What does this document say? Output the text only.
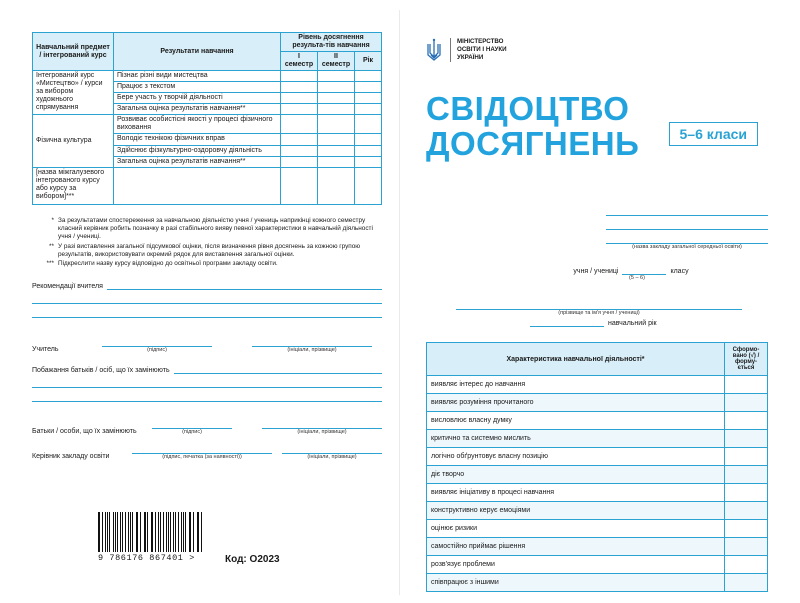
Навчальний предмет / інтегрований курс	Результати навчання	Рівень досягнення результа-тів навчання		
		І семестр	ІІ семестр	Рік
Інтегрований курс «Мистецтво» / курси за вибором художнього спрямування	Пізнає різні види мистецтва			
	Працює з текстом			
	Бере участь у творчій діяльності			
	Загальна оцінка результатів навчання**			
Фізична культура	Розвиває особистісні якості у процесі фізичного виховання			
	Володіє технікою фізичних вправ			
	Здійснює фізкультурно-оздоровчу діяльність			
	Загальна оцінка результатів навчання**			
[назва міжгалузевого інтегрованого курсу або курсу за вибором]***				
* За результатами спостереження за навчальною діяльністю учня / учениць наприкінці кожного семестру класний керівник робить позначку в разі стабільного вияву певної характеристики в навчальній діяльності учня / учениці.
** У разі виставлення загальної підсумкової оцінки, після визначення рівня досягнень за кожною групою результатів, використовувати окремий рядок для виставлення загальної оцінки.
*** Підкреслити назву курсу відповідно до освітньої програми закладу освіти.
Рекомендації вчителя
Учитель	(підпис)	(ініціали, прізвище)
Побажання батьків / осіб, що їх замінюють
Батьки / особи, що їх замінюють	(підпис)	(ініціали, прізвище)
Керівник закладу освіти	(підпис, печатка (за наявності))	(ініціали, прізвище)
9 786176 867401 >	Код: О2023
МІНІСТЕРСТВО
ОСВІТИ І НАУКИ
УКРАЇНИ
СВІДОЦТВО
ДОСЯГНЕНЬ	5–6 класи
(назва закладу загальної середньої освіти)
учня / учениці	класу
(5 – 6)
(прізвище та ім'я учня / учениці)
навчальний рік
Характеристика навчальної діяльності*	Сформо-вано (√) / форму-ється
виявляє інтерес до навчання	
виявляє розуміння прочитаного	
висловлює власну думку	
критично та системно мислить	
логічно обґрунтовує власну позицію	
діє творчо	
виявляє ініціативу в процесі навчання	
конструктивно керує емоціями	
оцінює ризики	
самостійно приймає рішення	
розв'язує проблеми	
співпрацює з іншими	
